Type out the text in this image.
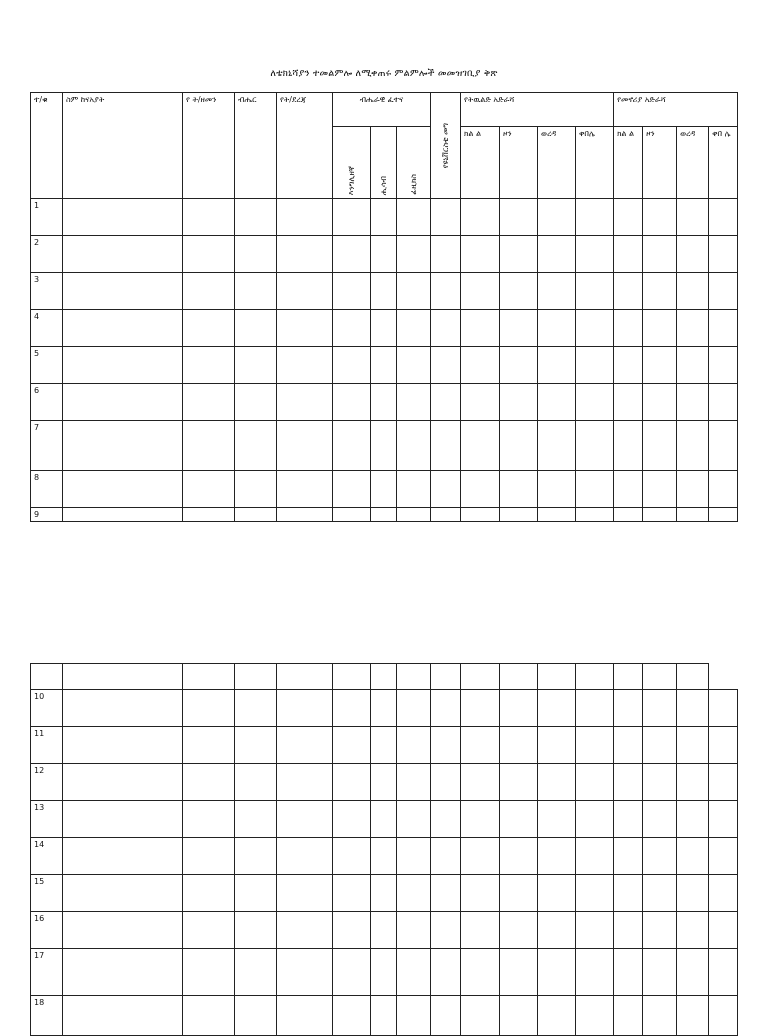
ለቴክኒሻያን ተመልምሎ ለሚቀጠሩ ምልምሎች መመዝገቢያ ቅጽ
ተ/ቁ	ስም ከናአያት	የ ት/ዘመን	ብሔር	የት/ደረጃ	ብሔራዊ ፈተና			የዩኒቨርስቲ መግ	የትዉልድ አድራሻ				የመኖሪያ አድራሻ			

					እንግሊዘኛ	ሒሳብ	ፊዚክስ		ክል ል	ዞን	ወረዳ	ቀበሌ	ክል ል	ዞን	ወረዳ	ቀበ ሌ
1																
2																
3																
4																
5																
6																
7																
8																
9																

10																
11																
12																
13																
14																
15																
16																
17																
18																
